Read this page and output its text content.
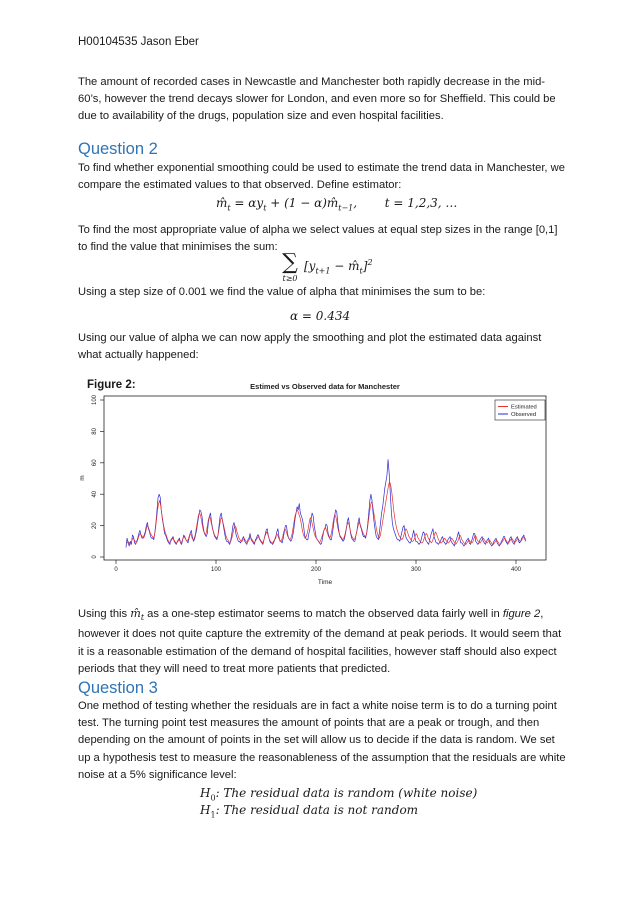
H00104535 Jason Eber
The amount of recorded cases in Newcastle and Manchester both rapidly decrease in the mid-60’s, however the trend decays slower for London, and even more so for Sheffield. This could be due to availability of the drugs, population size and even hospital facilities.
Question 2
To find whether exponential smoothing could be used to estimate the trend data in Manchester, we compare the estimated values to that observed. Define estimator:
$m̂_t = \alpha y_t + (1$ − $\alpha)m̂_{t-1}$, t = 1,2,3, …
To find the most appropriate value of alpha we select values at equal step sizes in the range [0,1] to find the value that minimises the sum:
∑
t≥0
[$y_{t+1}$ − $m̂_t]^2$
Using a step size of 0.001 we find the value of alpha that minimises the sum to be:
α = 0.434
Using our value of alpha we can now apply the smoothing and plot the estimated data against what actually happened:
Figure 2:	Estimed vs Observed data for Manchester
0
20
40
60
80
100
0	100	200	300	400
Time
m
Estimated
Observed
Using this $m̂_t$ as a one-step estimator seems to match the observed data fairly well in figure 2, however it does not quite capture the extremity of the demand at peak periods. It would seem that it is a reasonable estimation of the demand of hospital facilities, however staff should also expect periods that they will need to treat more patients that predicted.
Question 3
One method of testing whether the residuals are in fact a white noise term is to do a turning point test. The turning point test measures the amount of points that are a peak or trough, and then depending on the amount of points in the set will allow us to decide if the data is random. We set up a hypothesis test to measure the reasonableness of the assumption that the residuals are white noise at a 5% significance level:
$H_0$: The residual data is random (white noise)
$H_1$: The residual data is not random
